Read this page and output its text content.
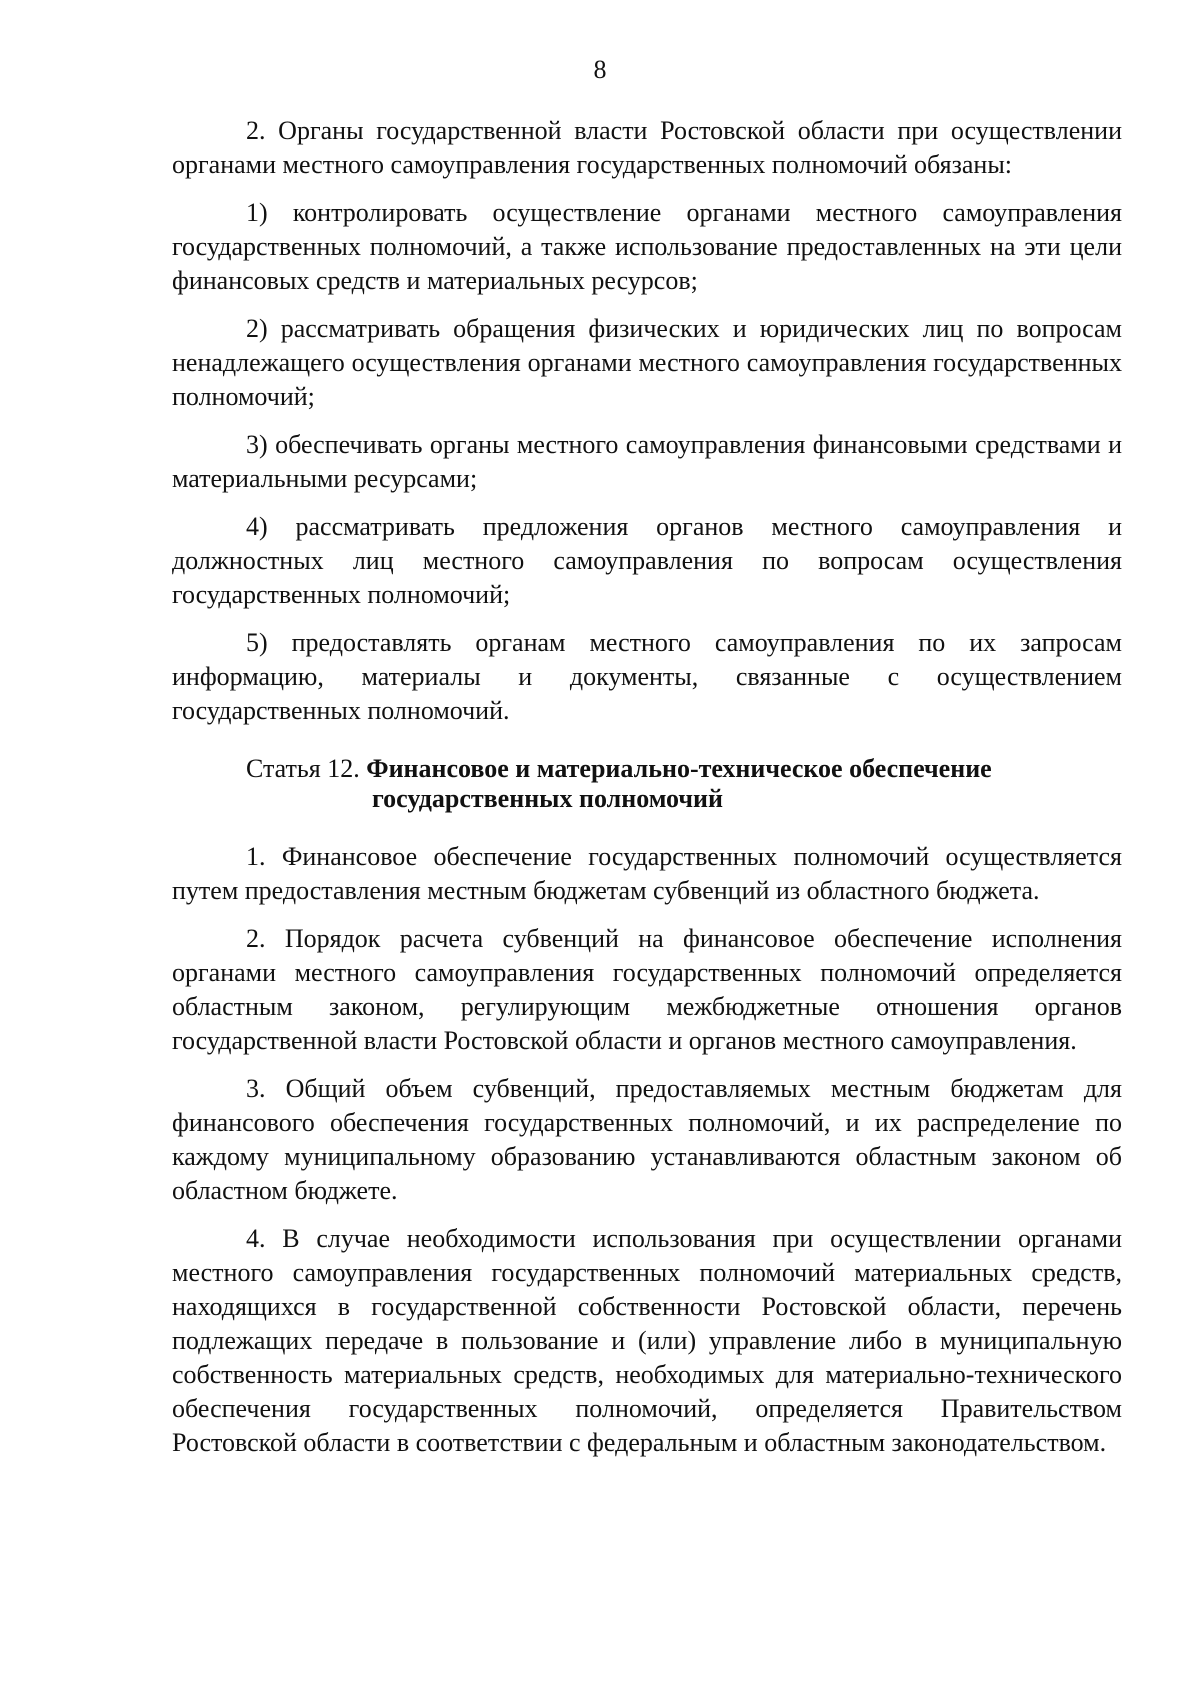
8

2. Органы государственной власти Ростовской области при осуществлении органами местного самоуправления государственных полномочий обязаны:

1) контролировать осуществление органами местного самоуправления государственных полномочий, а также использование предоставленных на эти цели финансовых средств и материальных ресурсов;

2) рассматривать обращения физических и юридических лиц по вопросам ненадлежащего осуществления органами местного самоуправления государственных полномочий;

3) обеспечивать органы местного самоуправления финансовыми средствами и материальными ресурсами;

4) рассматривать предложения органов местного самоуправления и должностных лиц местного самоуправления по вопросам осуществления государственных полномочий;

5) предоставлять органам местного самоуправления по их запросам информацию, материалы и документы, связанные с осуществлением государственных полномочий.

Статья 12. Финансовое и материально-техническое обеспечение
государственных полномочий

1. Финансовое обеспечение государственных полномочий осуществляется путем предоставления местным бюджетам субвенций из областного бюджета.

2. Порядок расчета субвенций на финансовое обеспечение исполнения органами местного самоуправления государственных полномочий определяется областным законом, регулирующим межбюджетные отношения органов государственной власти Ростовской области и органов местного самоуправления.

3. Общий объем субвенций, предоставляемых местным бюджетам для финансового обеспечения государственных полномочий, и их распределение по каждому муниципальному образованию устанавливаются областным законом об областном бюджете.

4. В случае необходимости использования при осуществлении органами местного самоуправления государственных полномочий материальных средств, находящихся в государственной собственности Ростовской области, перечень подлежащих передаче в пользование и (или) управление либо в муниципальную собственность материальных средств, необходимых для материально-технического обеспечения государственных полномочий, определяется Правительством Ростовской области в соответствии с федеральным и областным законодательством.
